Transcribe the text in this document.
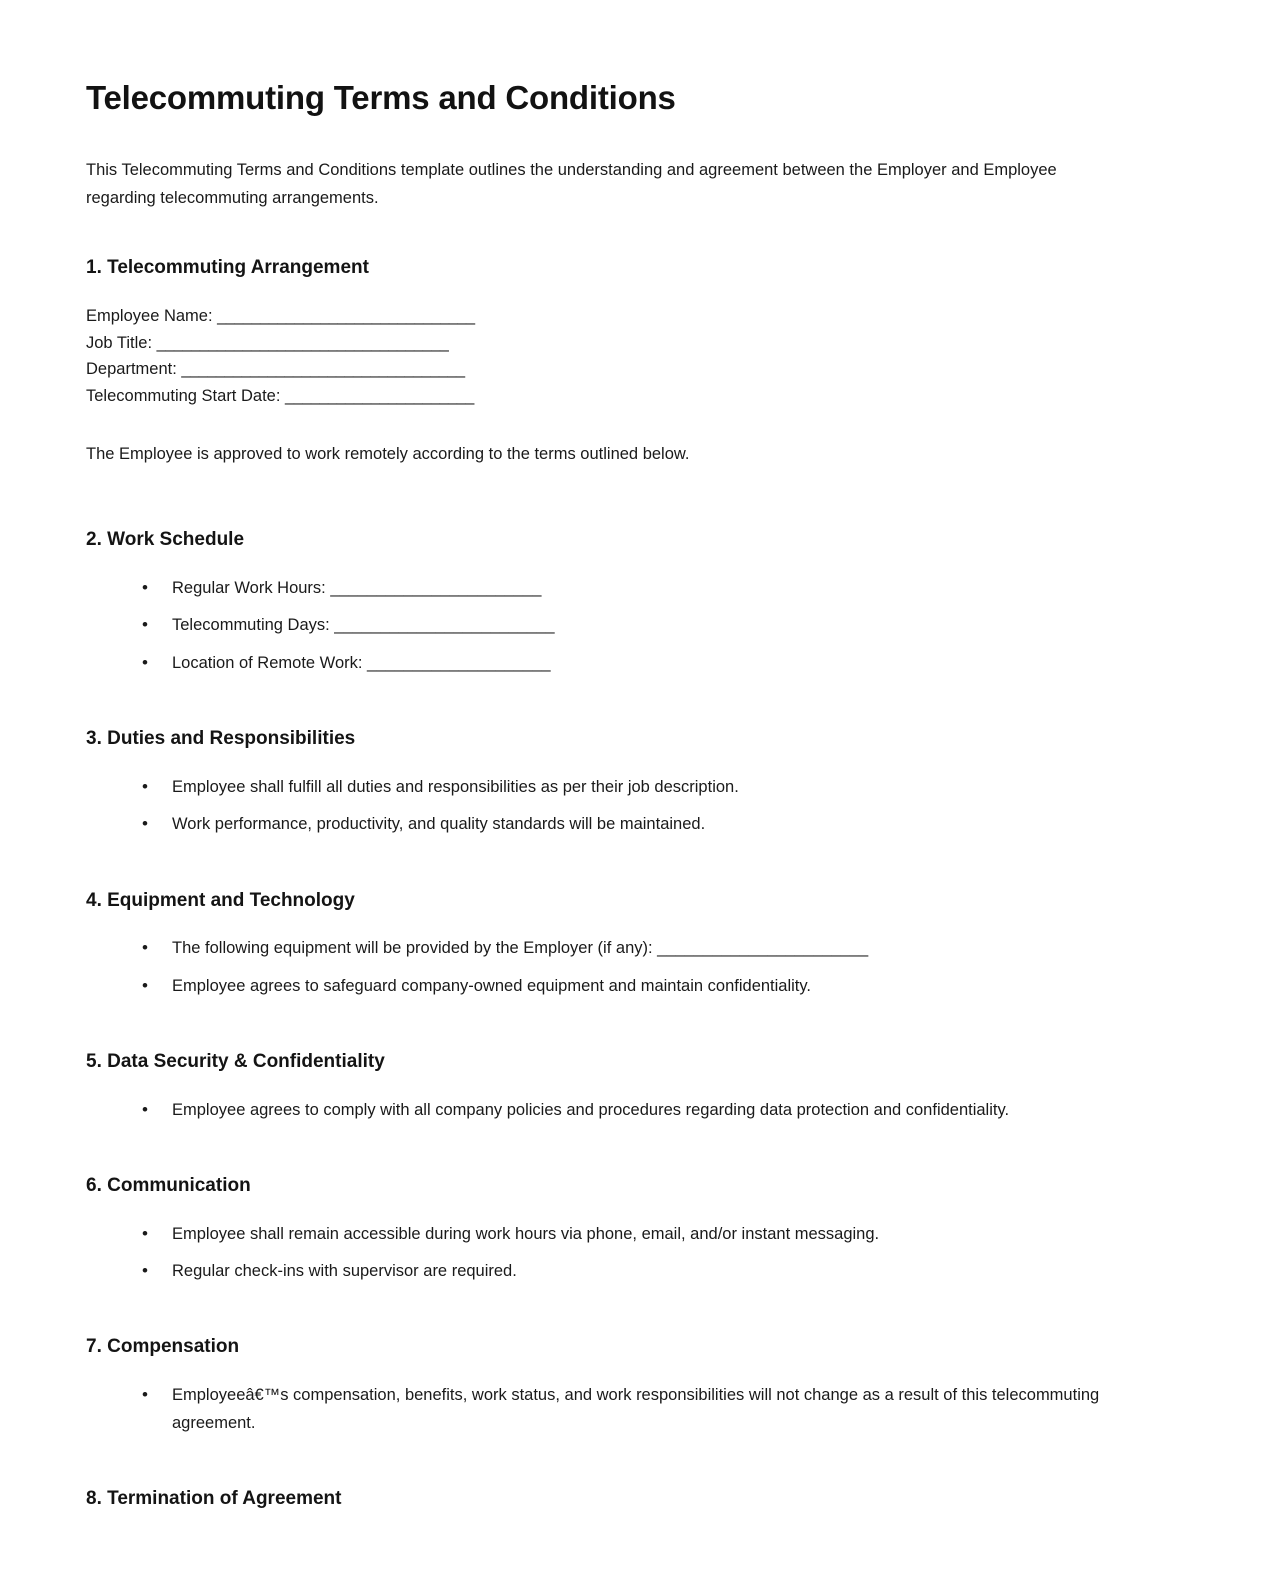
Telecommuting Terms and Conditions

This Telecommuting Terms and Conditions template outlines the understanding and agreement between the Employer and Employee regarding telecommuting arrangements.

1. Telecommuting Arrangement
Employee Name: ______________________________
Job Title: __________________________________
Department: _________________________________
Telecommuting Start Date: ______________________

The Employee is approved to work remotely according to the terms outlined below.

2. Work Schedule
• Regular Work Hours: _______________________
• Telecommuting Days: ________________________
• Location of Remote Work: ____________________
3. Duties and Responsibilities
• Employee shall fulfill all duties and responsibilities as per their job description.
• Work performance, productivity, and quality standards will be maintained.
4. Equipment and Technology
• The following equipment will be provided by the Employer (if any): _______________________
• Employee agrees to safeguard company-owned equipment and maintain confidentiality.
5. Data Security & Confidentiality
• Employee agrees to comply with all company policies and procedures regarding data protection and confidentiality.
6. Communication
• Employee shall remain accessible during work hours via phone, email, and/or instant messaging.
• Regular check-ins with supervisor are required.
7. Compensation
• Employeeâ€™s compensation, benefits, work status, and work responsibilities will not change as a result of this telecommuting agreement.
8. Termination of Agreement
